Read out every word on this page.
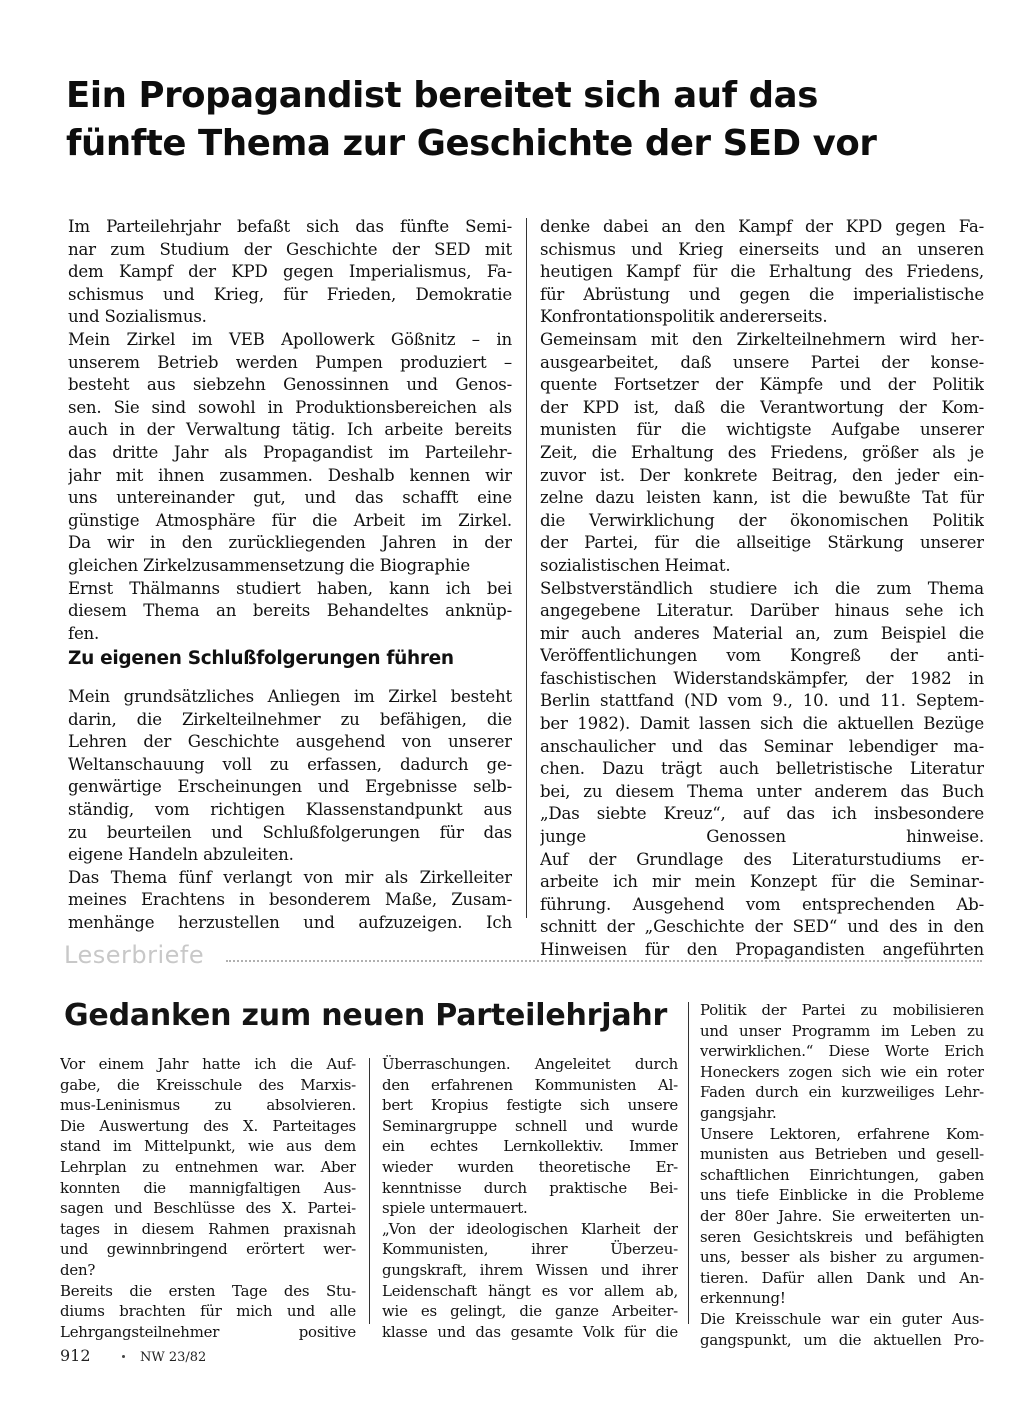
Ein Propagandist bereitet sich auf das
fünfte Thema zur Geschichte der SED vor
Im Parteilehrjahr befaßt sich das fünfte Semi-
nar zum Studium der Geschichte der SED mit
dem Kampf der KPD gegen Imperialismus, Fa-
schismus und Krieg, für Frieden, Demokratie
und Sozialismus.
Mein Zirkel im VEB Apollowerk Gößnitz – in
unserem Betrieb werden Pumpen produziert –
besteht aus siebzehn Genossinnen und Genos-
sen. Sie sind sowohl in Produktionsbereichen als
auch in der Verwaltung tätig. Ich arbeite bereits
das dritte Jahr als Propagandist im Parteilehr-
jahr mit ihnen zusammen. Deshalb kennen wir
uns untereinander gut, und das schafft eine
günstige Atmosphäre für die Arbeit im Zirkel.
Da wir in den zurückliegenden Jahren in der
gleichen Zirkelzusammensetzung die Biographie
Ernst Thälmanns studiert haben, kann ich bei
diesem Thema an bereits Behandeltes anknüp-
fen.
denke dabei an den Kampf der KPD gegen Fa-
schismus und Krieg einerseits und an unseren
heutigen Kampf für die Erhaltung des Friedens,
für Abrüstung und gegen die imperialistische
Konfrontationspolitik andererseits.
Gemeinsam mit den Zirkelteilnehmern wird her-
ausgearbeitet, daß unsere Partei der konse-
quente Fortsetzer der Kämpfe und der Politik
der KPD ist, daß die Verantwortung der Kom-
munisten für die wichtigste Aufgabe unserer
Zeit, die Erhaltung des Friedens, größer als je
zuvor ist. Der konkrete Beitrag, den jeder ein-
zelne dazu leisten kann, ist die bewußte Tat für
die Verwirklichung der ökonomischen Politik
der Partei, für die allseitige Stärkung unserer
sozialistischen Heimat.
Selbstverständlich studiere ich die zum Thema
angegebene Literatur. Darüber hinaus sehe ich
mir auch anderes Material an, zum Beispiel die
Veröffentlichungen vom Kongreß der anti-
faschistischen Widerstandskämpfer, der 1982 in
Berlin stattfand (ND vom 9., 10. und 11. Septem-
ber 1982). Damit lassen sich die aktuellen Bezüge
anschaulicher und das Seminar lebendiger ma-
chen. Dazu trägt auch belletristische Literatur
bei, zu diesem Thema unter anderem das Buch
„Das siebte Kreuz“, auf das ich insbesondere
junge Genossen hinweise.
Auf der Grundlage des Literaturstudiums er-
arbeite ich mir mein Konzept für die Seminar-
führung. Ausgehend vom entsprechenden Ab-
schnitt der „Geschichte der SED“ und des in den
Hinweisen für den Propagandisten angeführten
Zu eigenen Schlußfolgerungen führen
Mein grundsätzliches Anliegen im Zirkel besteht
darin, die Zirkelteilnehmer zu befähigen, die
Lehren der Geschichte ausgehend von unserer
Weltanschauung voll zu erfassen, dadurch ge-
genwärtige Erscheinungen und Ergebnisse selb-
ständig, vom richtigen Klassenstandpunkt aus
zu beurteilen und Schlußfolgerungen für das
eigene Handeln abzuleiten.
Das Thema fünf verlangt von mir als Zirkelleiter
meines Erachtens in besonderem Maße, Zusam-
menhänge herzustellen und aufzuzeigen. Ich
Leserbriefe
Gedanken zum neuen Parteilehrjahr
Vor einem Jahr hatte ich die Auf-
gabe, die Kreisschule des Marxis-
mus-Leninismus zu absolvieren.
Die Auswertung des X. Parteitages
stand im Mittelpunkt, wie aus dem
Lehrplan zu entnehmen war. Aber
konnten die mannigfaltigen Aus-
sagen und Beschlüsse des X. Partei-
tages in diesem Rahmen praxisnah
und gewinnbringend erörtert wer-
den?
Bereits die ersten Tage des Stu-
diums brachten für mich und alle
Lehrgangsteilnehmer positive
Überraschungen. Angeleitet durch
den erfahrenen Kommunisten Al-
bert Kropius festigte sich unsere
Seminargruppe schnell und wurde
ein echtes Lernkollektiv. Immer
wieder wurden theoretische Er-
kenntnisse durch praktische Bei-
spiele untermauert.
„Von der ideologischen Klarheit der
Kommunisten, ihrer Überzeu-
gungskraft, ihrem Wissen und ihrer
Leidenschaft hängt es vor allem ab,
wie es gelingt, die ganze Arbeiter-
klasse und das gesamte Volk für die
Politik der Partei zu mobilisieren
und unser Programm im Leben zu
verwirklichen.“ Diese Worte Erich
Honeckers zogen sich wie ein roter
Faden durch ein kurzweiliges Lehr-
gangsjahr.
Unsere Lektoren, erfahrene Kom-
munisten aus Betrieben und gesell-
schaftlichen Einrichtungen, gaben
uns tiefe Einblicke in die Probleme
der 80er Jahre. Sie erweiterten un-
seren Gesichtskreis und befähigten
uns, besser als bisher zu argumen-
tieren. Dafür allen Dank und An-
erkennung!
Die Kreisschule war ein guter Aus-
gangspunkt, um die aktuellen Pro-
912	NW 23/82
